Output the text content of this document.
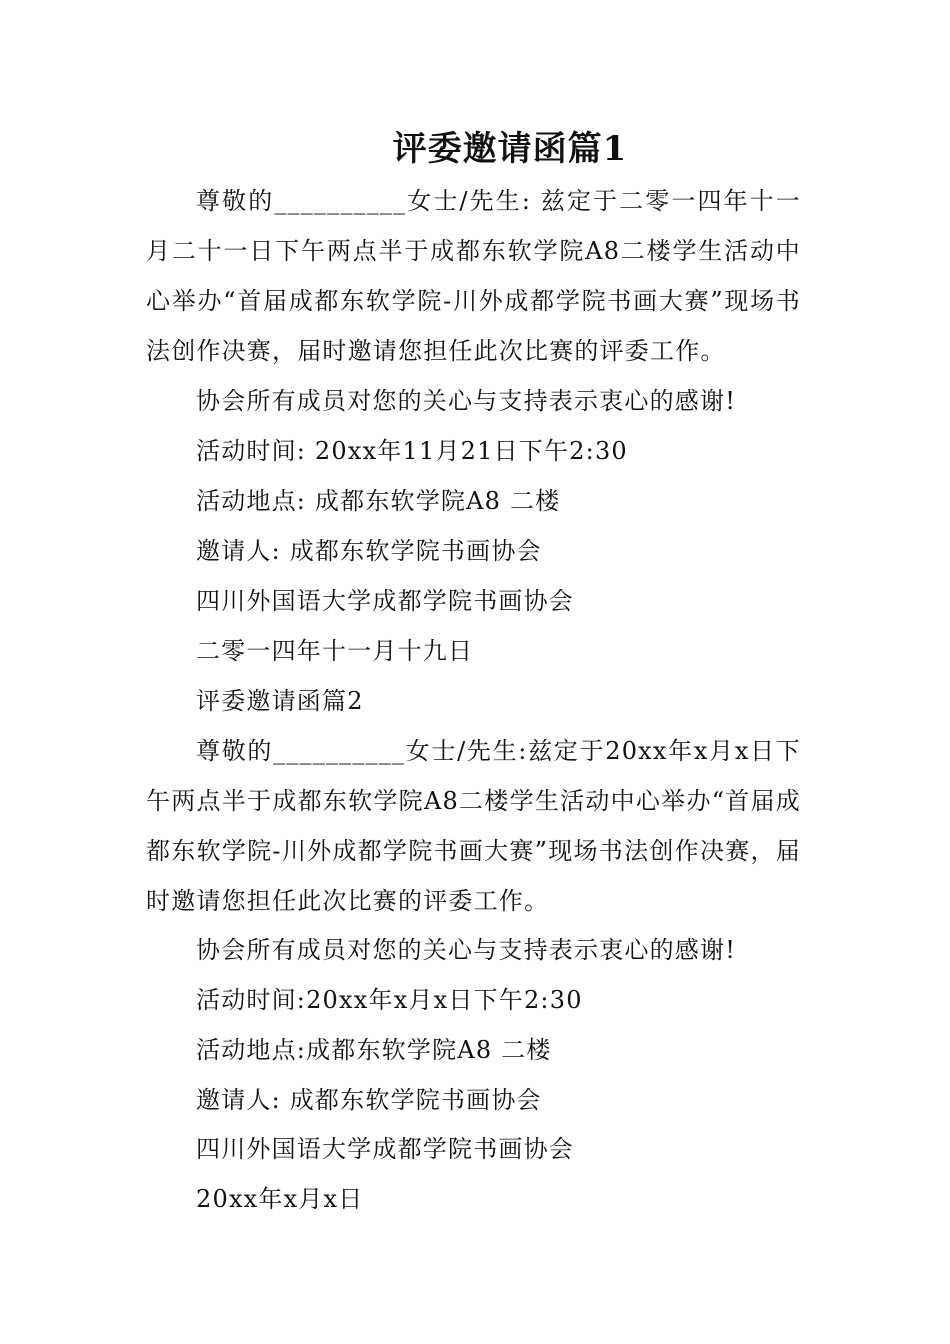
评委邀请函篇1
尊敬的__________女士/先生: 兹定于二零一四年十一月二十一日下午两点半于成都东软学院A8二楼学生活动中心举办“首届成都东软学院-川外成都学院书画大赛”现场书法创作决赛，届时邀请您担任此次比赛的评委工作。
协会所有成员对您的关心与支持表示衷心的感谢!
活动时间: 20xx年11月21日下午2:30
活动地点: 成都东软学院A8 二楼
邀请人: 成都东软学院书画协会
四川外国语大学成都学院书画协会
二零一四年十一月十九日
评委邀请函篇2
尊敬的__________女士/先生:兹定于20xx年x月x日下午两点半于成都东软学院A8二楼学生活动中心举办“首届成都东软学院-川外成都学院书画大赛”现场书法创作决赛，届时邀请您担任此次比赛的评委工作。
协会所有成员对您的关心与支持表示衷心的感谢!
活动时间:20xx年x月x日下午2:30
活动地点:成都东软学院A8 二楼
邀请人: 成都东软学院书画协会
四川外国语大学成都学院书画协会
20xx年x月x日
